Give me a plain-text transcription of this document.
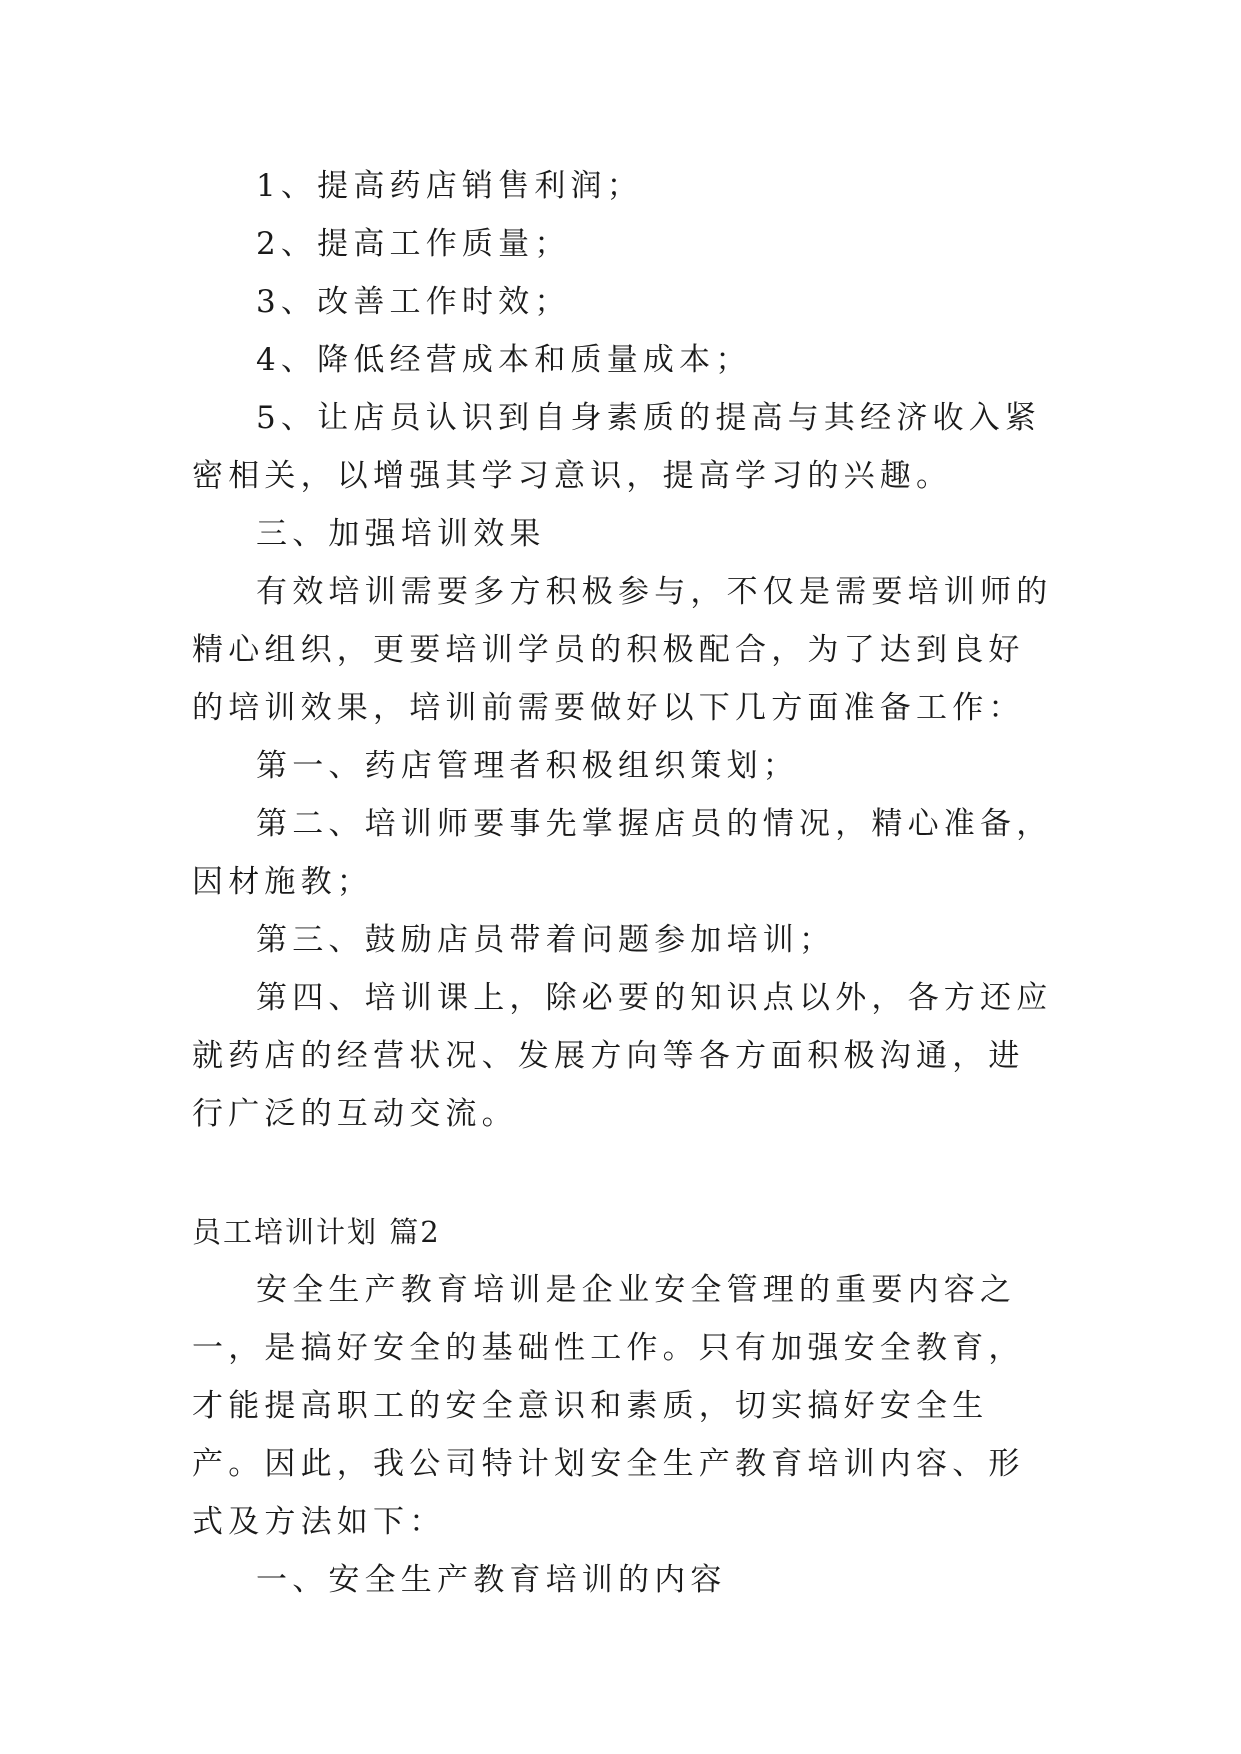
1、提高药店销售利润；

2、提高工作质量；

3、改善工作时效；

4、降低经营成本和质量成本；

5、让店员认识到自身素质的提高与其经济收入紧密相关，以增强其学习意识，提高学习的兴趣。

三、加强培训效果

有效培训需要多方积极参与，不仅是需要培训师的精心组织，更要培训学员的积极配合，为了达到良好的培训效果，培训前需要做好以下几方面准备工作：

第一、药店管理者积极组织策划；

第二、培训师要事先掌握店员的情况，精心准备，因材施教；

第三、鼓励店员带着问题参加培训；

第四、培训课上，除必要的知识点以外，各方还应就药店的经营状况、发展方向等各方面积极沟通，进行广泛的互动交流。

员工培训计划 篇2

安全生产教育培训是企业安全管理的重要内容之一，是搞好安全的基础性工作。只有加强安全教育，才能提高职工的安全意识和素质，切实搞好安全生产。因此，我公司特计划安全生产教育培训内容、形式及方法如下：

一、安全生产教育培训的内容
